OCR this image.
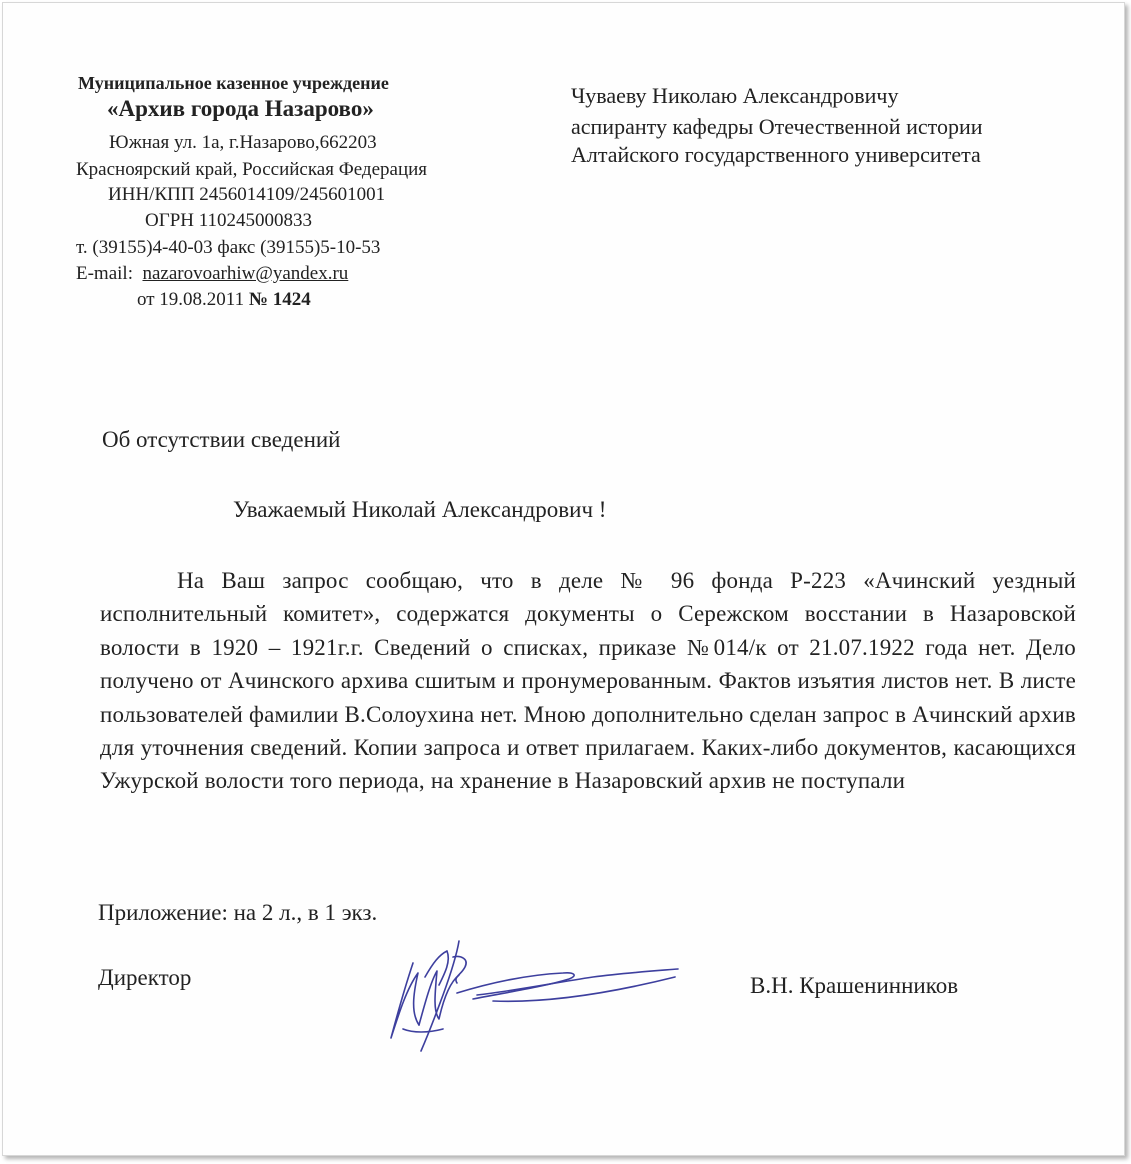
Муниципальное казенное учреждение
«Архив города Назарово»
Южная ул. 1а, г.Назарово,662203
Красноярский край, Российская Федерация
ИНН/КПП 2456014109/245601001
ОГРН 110245000833
т. (39155)4-40-03 факс (39155)5-10-53
E-mail: nazarovoarhiw@yandex.ru
от 19.08.2011 № 1424
Чуваеву Николаю Александровичу
аспиранту кафедры Отечественной истории
Алтайского государственного университета
Об отсутствии сведений
Уважаемый Николай Александрович !
На Ваш запрос сообщаю, что в деле № 96 фонда Р-223 «Ачинский уездный исполнительный комитет», содержатся документы о Сережском восстании в Назаровской волости в 1920 – 1921г.г. Сведений о списках, приказе №014/к от 21.07.1922 года нет. Дело получено от Ачинского архива сшитым и пронумерованным. Фактов изъятия листов нет. В листе пользователей фамилии В.Солоухина нет. Мною дополнительно сделан запрос в Ачинский архив для уточнения сведений. Копии запроса и ответ прилагаем. Каких-либо документов, касающихся Ужурской волости того периода, на хранение в Назаровский архив не поступали
Приложение: на 2 л., в 1 экз.
Директор	В.Н. Крашенинников
